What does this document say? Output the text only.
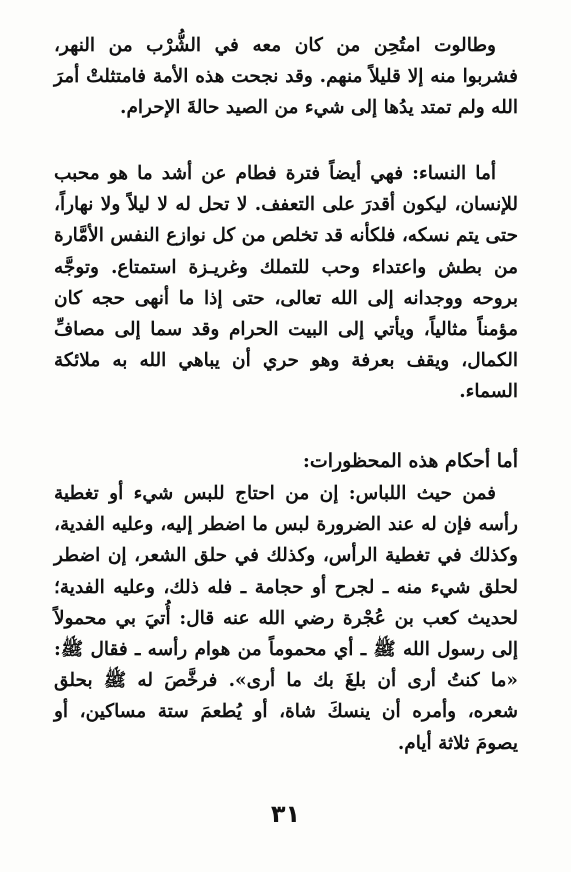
وطالوت امتُحِن من كان معه في الشُّرْب من النهر، فشربوا منه إلا قليلاً منهم. وقد نجحت هذه الأمة فامتثلتْ أمرَ الله ولم تمتد يدُها إلى شيء من الصيد حالةَ الإحرام.

أما النساء: فهي أيضاً فترة فطام عن أشد ما هو محبب للإنسان، ليكون أقدرَ على التعفف. لا تحل له لا ليلاً ولا نهاراً، حتى يتم نسكه، فلكأنه قد تخلص من كل نوازع النفس الأمَّارة من بطش واعتداء وحب للتملك وغريـزة استمتاع. وتوجَّه بروحه ووجدانه إلى الله تعالى، حتى إذا ما أنهى حجه كان مؤمناً مثالياً، ويأتي إلى البيت الحرام وقد سما إلى مصافِّ الكمال، ويقف بعرفة وهو حري أن يباهي الله به ملائكة السماء.

أما أحكام هذه المحظورات:

فمن حيث اللباس: إن من احتاج للبس شيء أو تغطية رأسه فإن له عند الضرورة لبس ما اضطر إليه، وعليه الفدية، وكذلك في تغطية الرأس، وكذلك في حلق الشعر، إن اضطر لحلق شيء منه ـ لجرح أو حجامة ـ فله ذلك، وعليه الفدية؛ لحديث كعب بن عُجْرة رضي الله عنه قال: أُتيَ بي محمولاً إلى رسول الله ﷺ ـ أي محموماً من هوام رأسه ـ فقال ﷺ: «ما كنتُ أرى أن بلغَ بك ما أرى». فرخَّصَ له ﷺ بحلق شعره، وأمره أن ينسكَ شاة، أو يُطعمَ ستة مساكين، أو يصومَ ثلاثة أيام.

٣١
